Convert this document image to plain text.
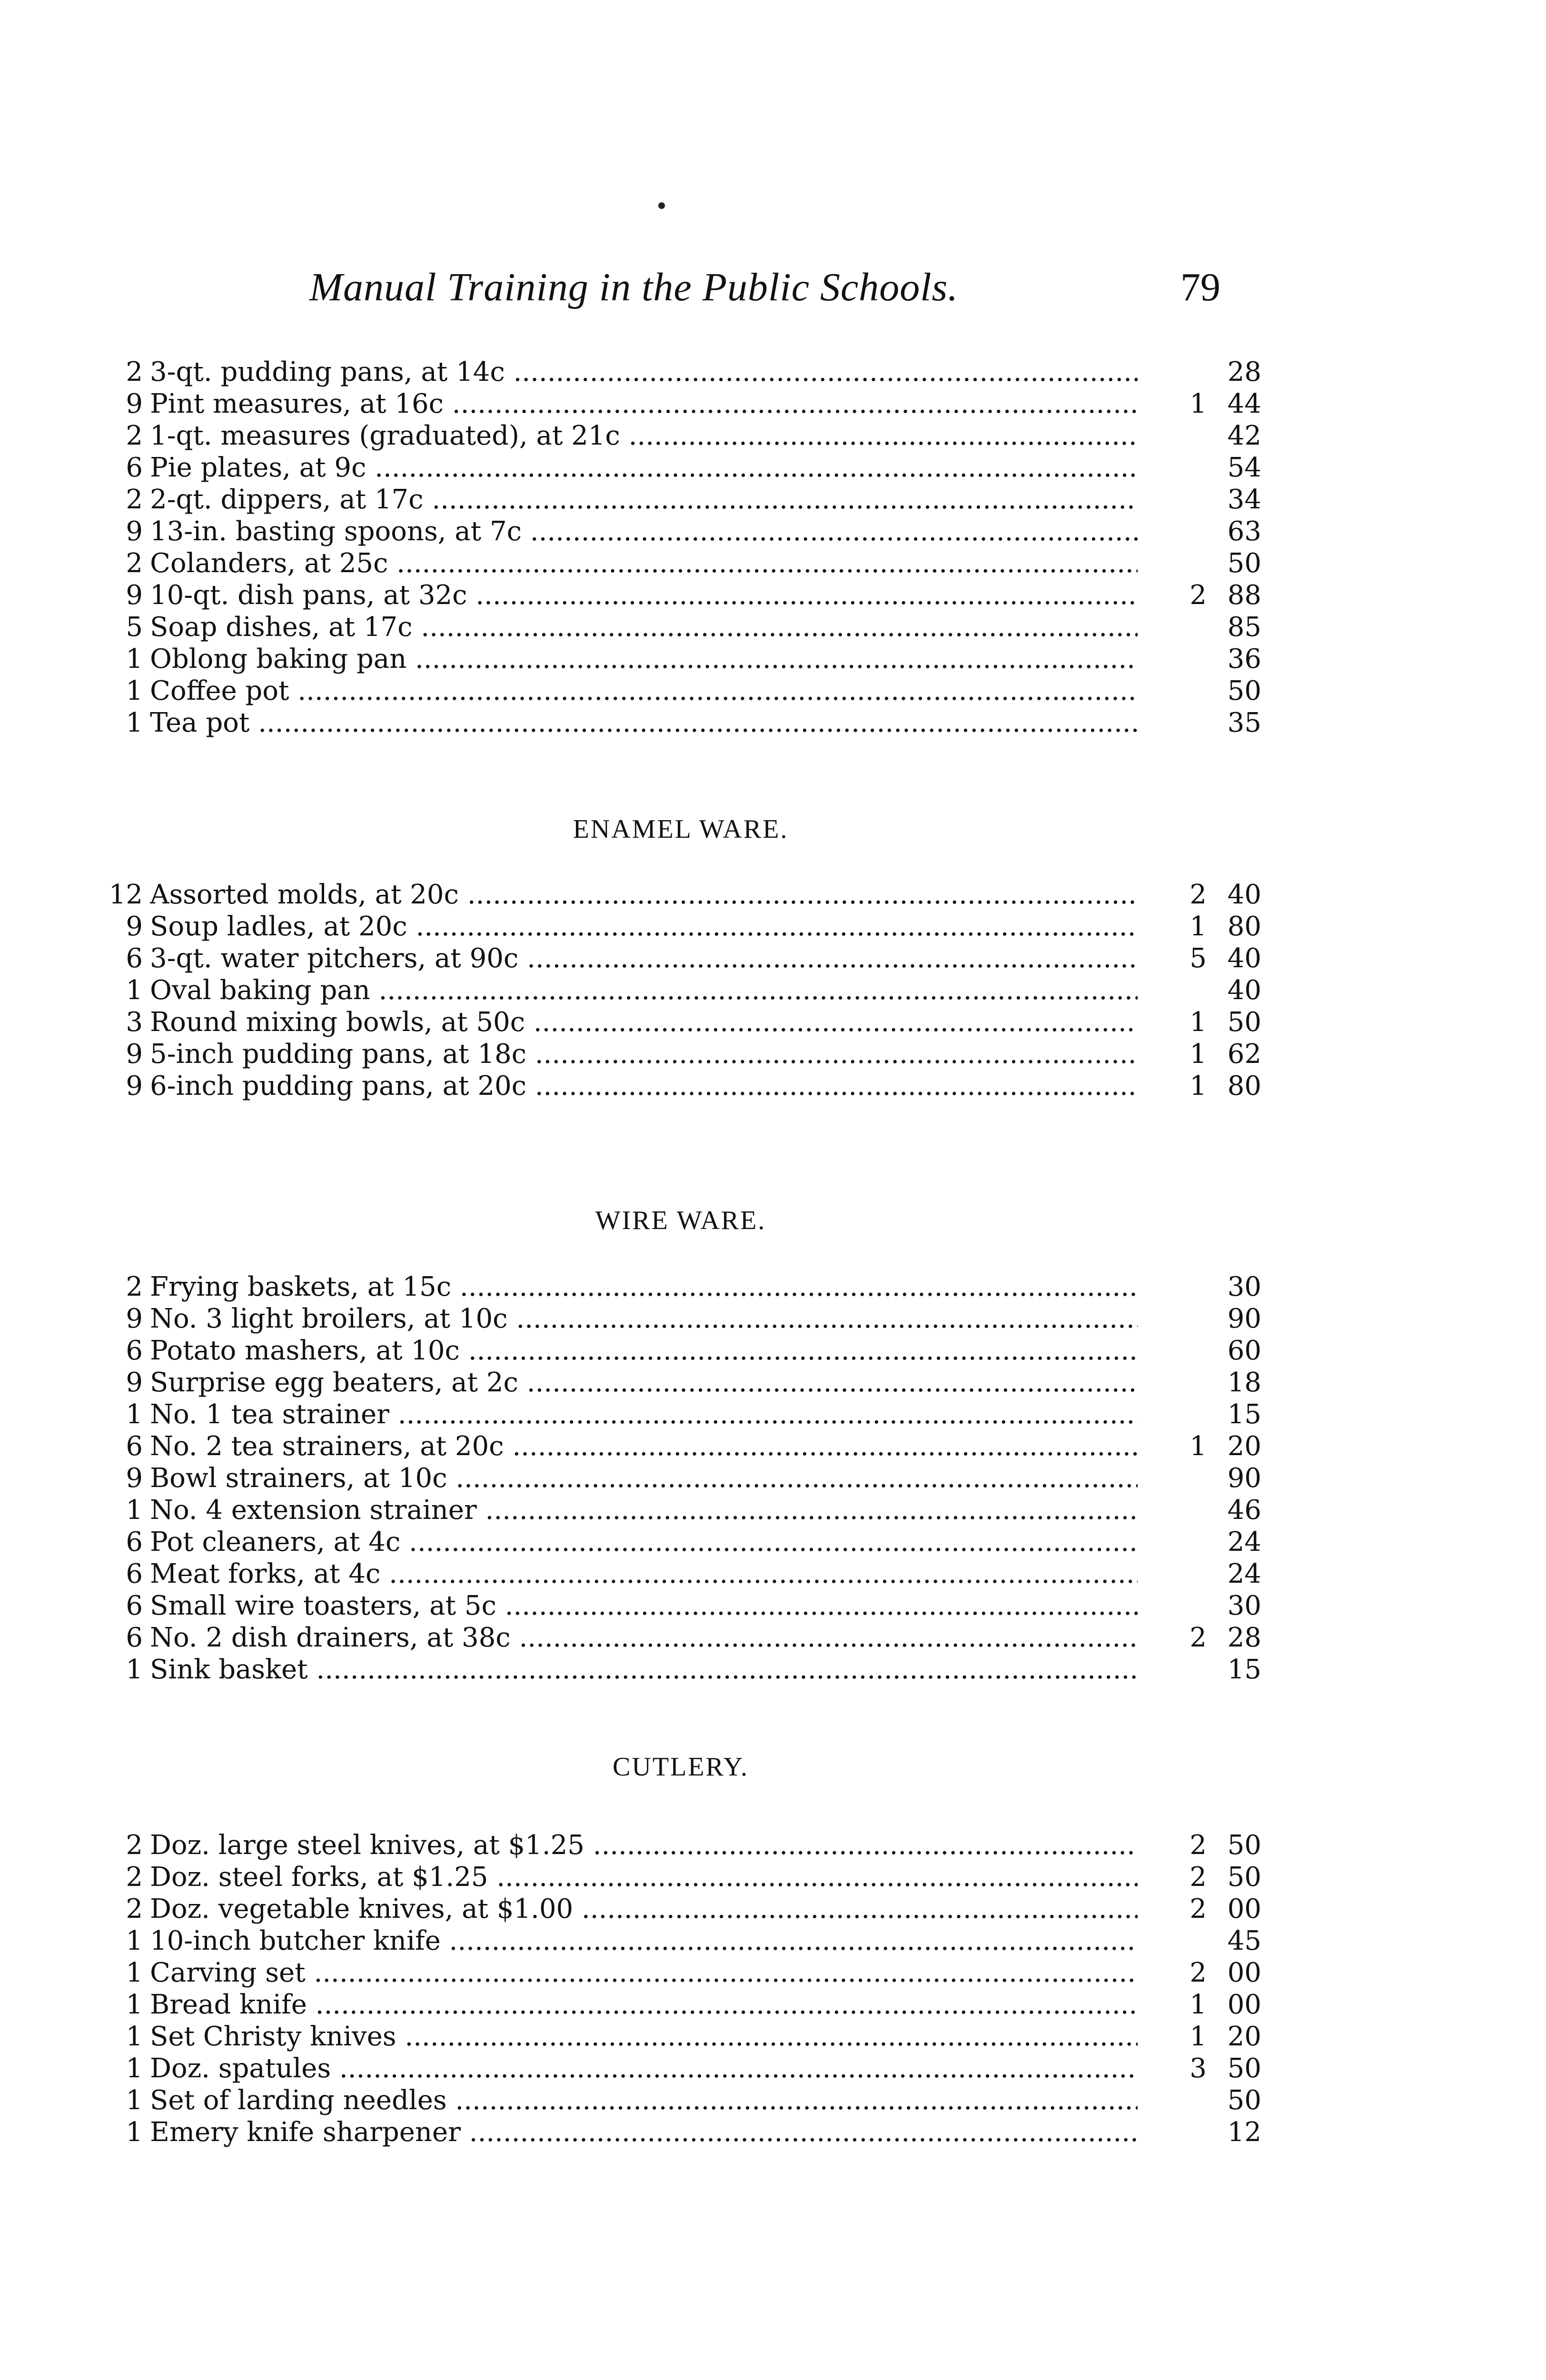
Manual Training in the Public Schools.	79
2 3-qt. pudding pans, at 14c .....	28
9 Pint measures, at 16c .....	1 44
2 1-qt. measures (graduated), at 21c .....	42
6 Pie plates, at 9c .....	54
2 2-qt. dippers, at 17c .....	34
9 13-in. basting spoons, at 7c .....	63
2 Colanders, at 25c .....	50
9 10-qt. dish pans, at 32c .....	2 88
5 Soap dishes, at 17c .....	85
1 Oblong baking pan .....	36
1 Coffee pot .....	50
1 Tea pot .....	35
ENAMEL WARE.
12 Assorted molds, at 20c .....	2 40
9 Soup ladles, at 20c .....	1 80
6 3-qt. water pitchers, at 90c .....	5 40
1 Oval baking pan .....	40
3 Round mixing bowls, at 50c .....	1 50
9 5-inch pudding pans, at 18c .....	1 62
9 6-inch pudding pans, at 20c .....	1 80
WIRE WARE.
2 Frying baskets, at 15c .....	30
9 No. 3 light broilers, at 10c .....	90
6 Potato mashers, at 10c .....	60
9 Surprise egg beaters, at 2c .....	18
1 No. 1 tea strainer .....	15
6 No. 2 tea strainers, at 20c .....	1 20
9 Bowl strainers, at 10c .....	90
1 No. 4 extension strainer .....	46
6 Pot cleaners, at 4c .....	24
6 Meat forks, at 4c .....	24
6 Small wire toasters, at 5c .....	30
6 No. 2 dish drainers, at 38c .....	2 28
1 Sink basket .....	15
CUTLERY.
2 Doz. large steel knives, at $1.25 .....	2 50
2 Doz. steel forks, at $1.25 .....	2 50
2 Doz. vegetable knives, at $1.00 .....	2 00
1 10-inch butcher knife .....	45
1 Carving set .....	2 00
1 Bread knife .....	1 00
1 Set Christy knives .....	1 20
1 Doz. spatules .....	3 50
1 Set of larding needles .....	50
1 Emery knife sharpener .....	12
